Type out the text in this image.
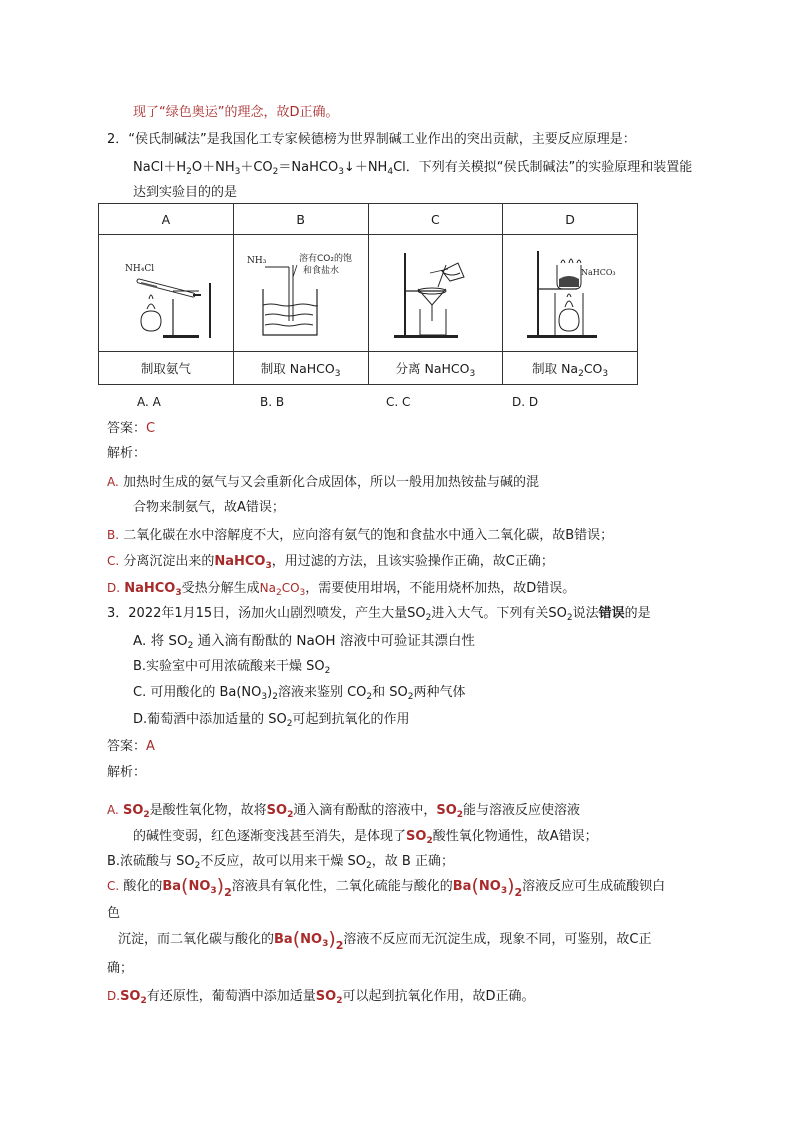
现了“绿色奥运”的理念，故D正确。
2．“侯氏制碱法”是我国化工专家候德榜为世界制碱工业作出的突出贡献，主要反应原理是：
$NaCl+H_2O+NH_3+CO_2=NaHCO_3↓+NH_4Cl$．下列有关模拟“侯氏制碱法”的实验原理和装置能
达到实验目的的是
A	B	C	D

NH₄Cl	NH₃ 溶有CO₂的饱
和食盐水		NaHCO₃

制取氨气	制取 NaHCO$_3$	分离 NaHCO$_3$	制取 $Na_2CO_3$
A. A	B. B	C. C	D. D
答案：C
解析：
A. 加热时生成的氨气与又会重新化合成固体，所以一般用加热铵盐与碱的混
合物来制氨气，故A错误；
B. 二氧化碳在水中溶解度不大，应向溶有氨气的饱和食盐水中通入二氧化碳，故B错误；
C. 分离沉淀出来的NaHCO$_3$，用过滤的方法，且该实验操作正确，故C正确；
D. NaHCO$_3$受热分解生成$Na_2CO_3$，需要使用坩埚，不能用烧杯加热，故D错误。
3．2022年1月15日，汤加火山剧烈喷发，产生大量$SO_2$进入大气。下列有关$SO_2$说法错误的是
A. 将 $SO_2$ 通入滴有酚酞的 NaOH 溶液中可验证其漂白性
B.实验室中可用浓硫酸来干燥 $SO_2$
C. 可用酸化的 $Ba(NO_3)_2$溶液来鉴别 $CO_2$和 $SO_2$两种气体
D.葡萄酒中添加适量的 $SO_2$可起到抗氧化的作用
答案：A
解析：
A. $SO_2$是酸性氧化物，故将$SO_2$通入滴有酚酞的溶液中，$SO_2$能与溶液反应使溶液
的碱性变弱，红色逐渐变浅甚至消失，是体现了$SO_2$酸性氧化物通性，故A错误；
B.浓硫酸与 $SO_2$不反应，故可以用来干燥 $SO_2$，故 B 正确；
C. 酸化的$Ba(NO_3)_2$溶液具有氧化性，二氧化硫能与酸化的$Ba(NO_3)_2$溶液反应可生成硫酸钡白
色
沉淀，而二氧化碳与酸化的$Ba(NO_3)_2$溶液不反应而无沉淀生成，现象不同，可鉴别，故C正
确；
$D.SO_2$有还原性，葡萄酒中添加适量$SO_2$可以起到抗氧化作用，故D正确。
